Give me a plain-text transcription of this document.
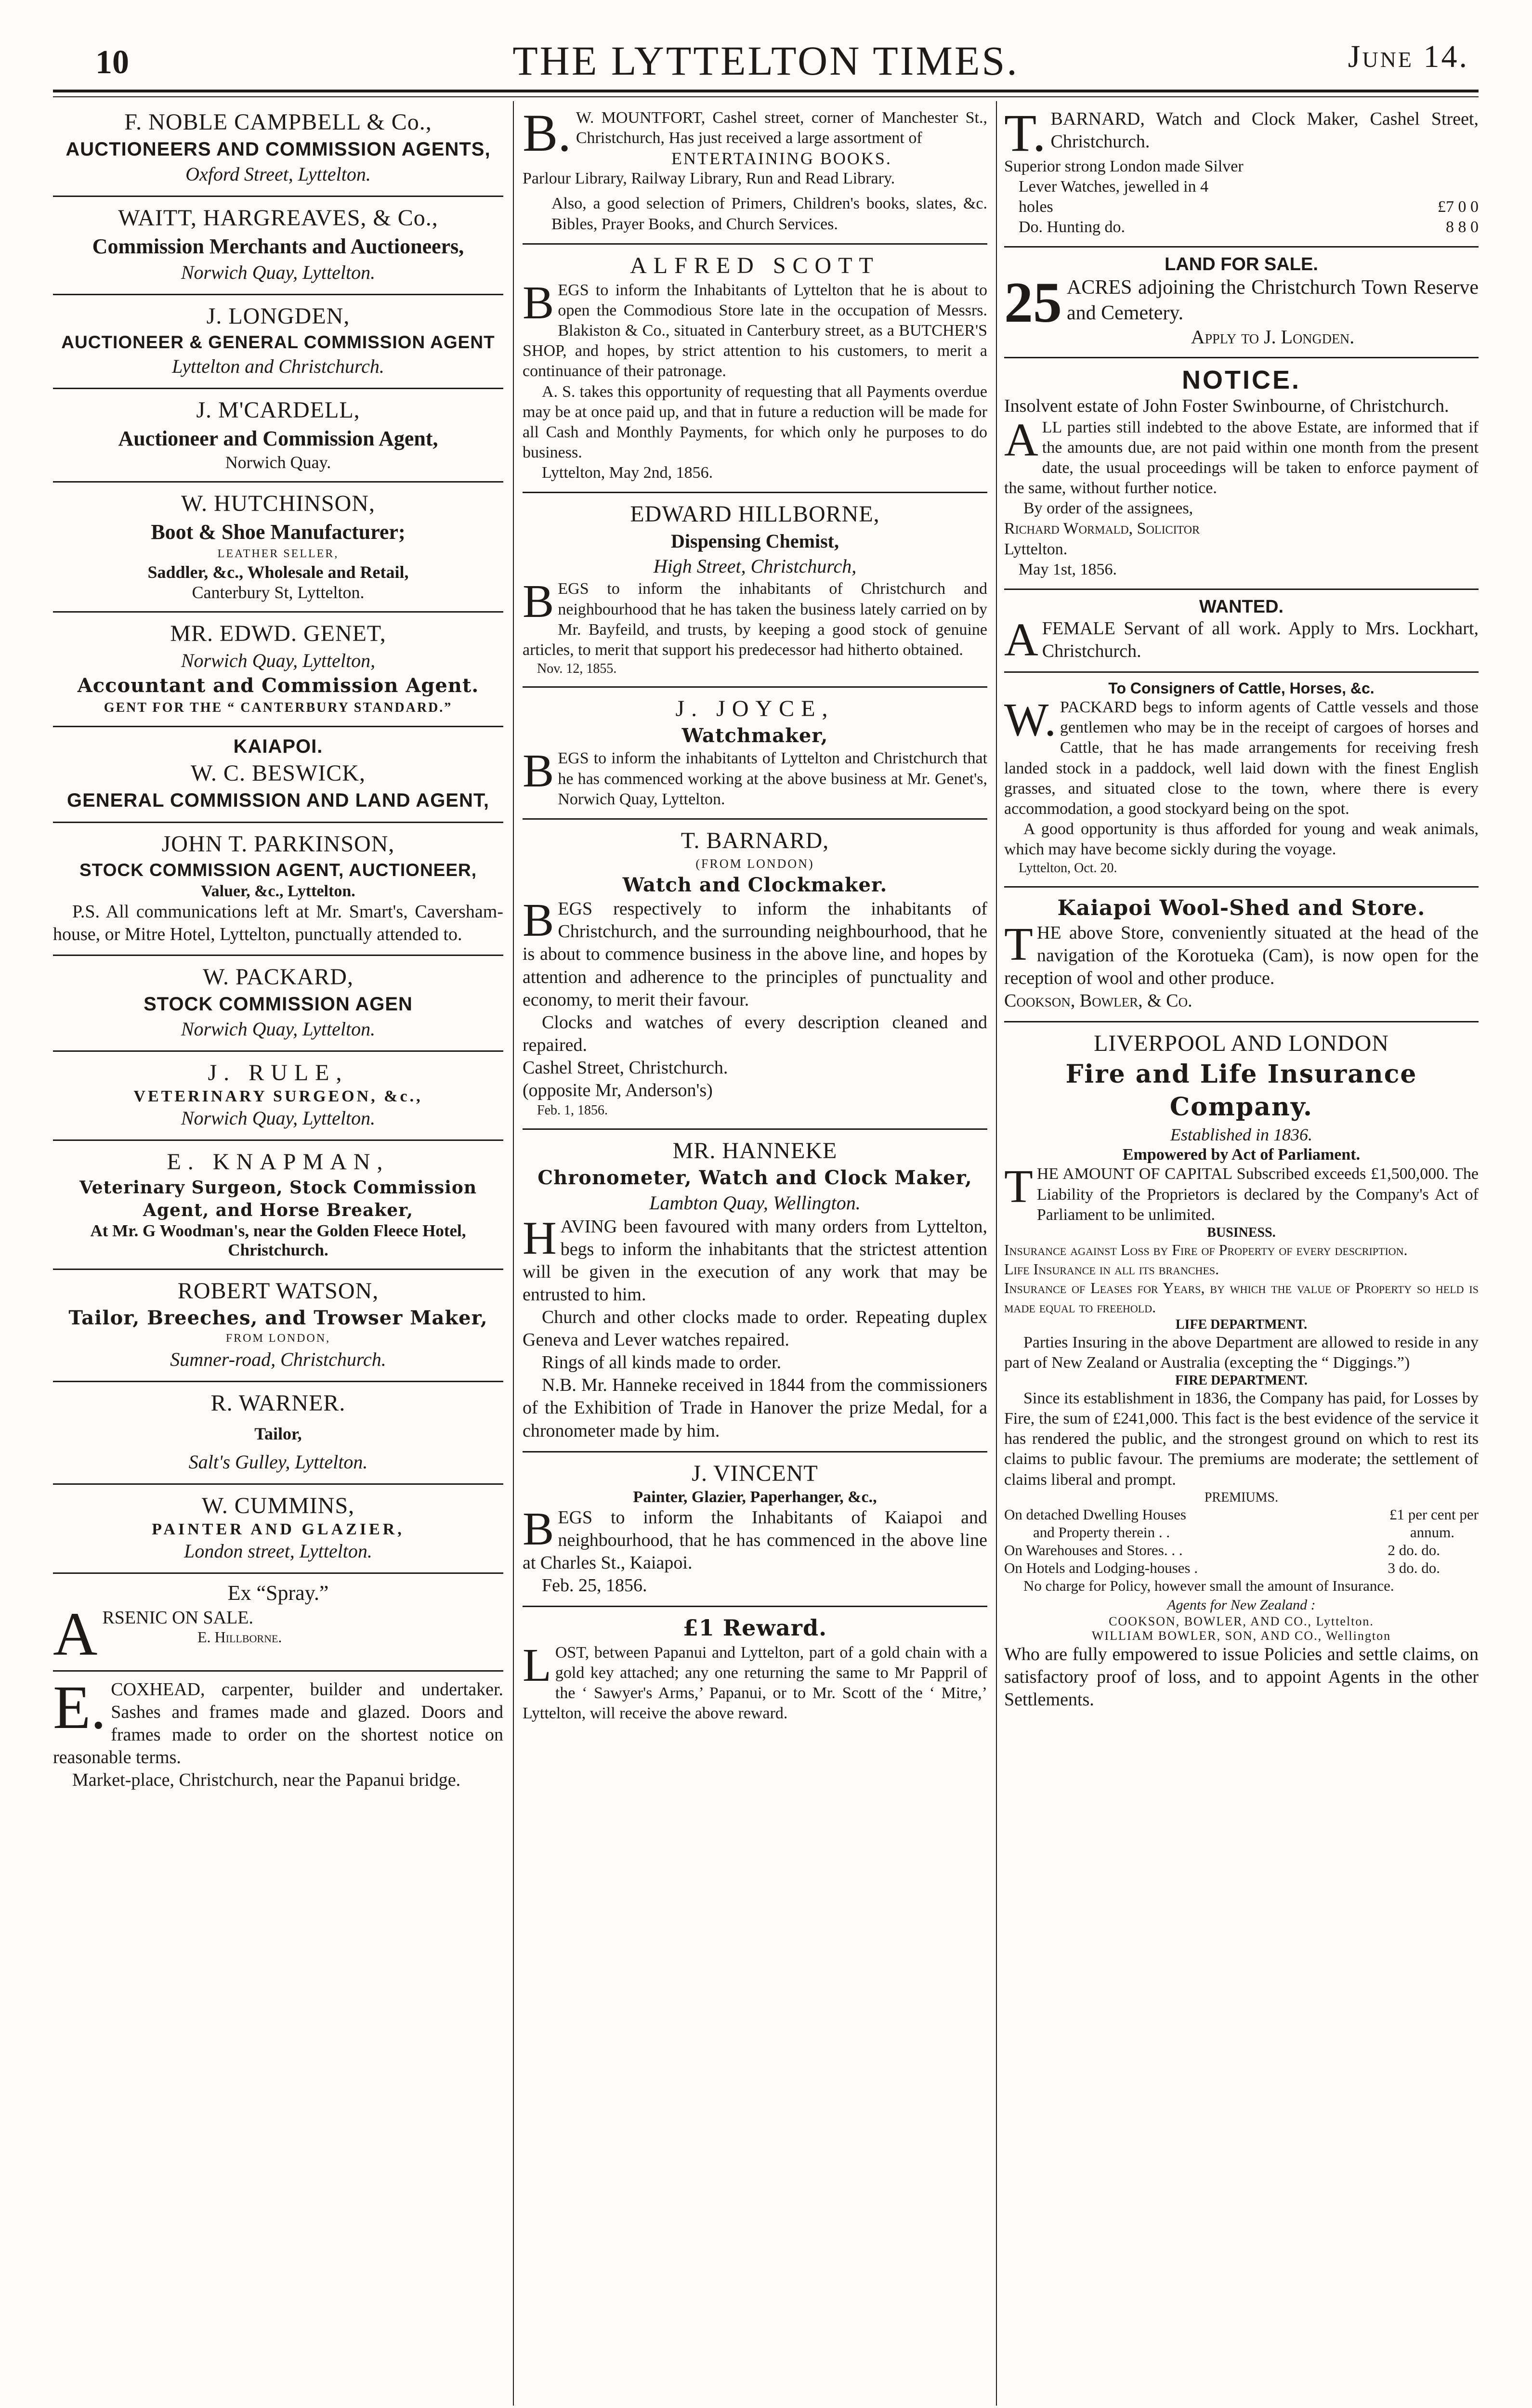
10	THE LYTTELTON TIMES.	June 14.
F. NOBLE CAMPBELL & Co.,
AUCTIONEERS AND COMMISSION AGENTS,
Oxford Street, Lyttelton.
WAITT, HARGREAVES, & Co.,
Commission Merchants and Auctioneers,
Norwich Quay, Lyttelton.
J. LONGDEN,
AUCTIONEER & GENERAL COMMISSION AGENT
Lyttelton and Christchurch.
J. M'CARDELL,
Auctioneer and Commission Agent,
Norwich Quay.
W. HUTCHINSON,
Boot & Shoe Manufacturer;
LEATHER SELLER,
Saddler, &c., Wholesale and Retail,
Canterbury St, Lyttelton.
MR. EDWD. GENET,
Norwich Quay, Lyttelton,
Accountant and Commission Agent.
GENT FOR THE “ CANTERBURY STANDARD.”
KAIAPOI.
W. C. BESWICK,
GENERAL COMMISSION AND LAND AGENT,
JOHN T. PARKINSON,
STOCK COMMISSION AGENT, AUCTIONEER,
Valuer, &c., Lyttelton.
P.S. All communications left at Mr. Smart's, Caversham-house, or Mitre Hotel, Lyttelton, punctually attended to.
W. PACKARD,
STOCK COMMISSION AGEN
Norwich Quay, Lyttelton.
J. RULE,
VETERINARY SURGEON, &c.,
Norwich Quay, Lyttelton.
E. KNAPMAN,
Veterinary Surgeon, Stock Commission Agent, and Horse Breaker,
At Mr. G Woodman's, near the Golden Fleece Hotel, Christchurch.
ROBERT WATSON,
Tailor, Breeches, and Trowser Maker,
FROM LONDON,
Sumner-road, Christchurch.
R. WARNER.
Tailor,
Salt's Gulley, Lyttelton.
W. CUMMINS,
PAINTER AND GLAZIER,
London street, Lyttelton.
Ex “Spray.”
A RSENIC ON SALE.
E. Hillborne.
E. COXHEAD, carpenter, builder and undertaker. Sashes and frames made and glazed. Doors and frames made to order on the shortest notice on reasonable terms.
Market-place, Christchurch, near the Papanui bridge.
B. W. MOUNTFORT, Cashel street, corner of Manchester St., Christchurch, Has just received a large assortment of
ENTERTAINING BOOKS.
Parlour Library, Railway Library, Run and Read Library.
Also, a good selection of Primers, Children's books, slates, &c. Bibles, Prayer Books, and Church Services.
ALFRED SCOTT
B EGS to inform the Inhabitants of Lyttelton that he is about to open the Commodious Store late in the occupation of Messrs. Blakiston & Co., situated in Canterbury street, as a BUTCHER'S SHOP, and hopes, by strict attention to his customers, to merit a continuance of their patronage.
A. S. takes this opportunity of requesting that all Payments overdue may be at once paid up, and that in future a reduction will be made for all Cash and Monthly Payments, for which only he purposes to do business.
Lyttelton, May 2nd, 1856.
EDWARD HILLBORNE,
Dispensing Chemist,
High Street, Christchurch,
B EGS to inform the inhabitants of Christchurch and neighbourhood that he has taken the business lately carried on by Mr. Bayfeild, and trusts, by keeping a good stock of genuine articles, to merit that support his predecessor had hitherto obtained.
Nov. 12, 1855.
J. JOYCE,
Watchmaker,
B EGS to inform the inhabitants of Lyttelton and Christchurch that he has commenced working at the above business at Mr. Genet's, Norwich Quay, Lyttelton.
T. BARNARD,
(FROM LONDON)
Watch and Clockmaker.
B EGS respectively to inform the inhabitants of Christchurch, and the surrounding neighbourhood, that he is about to commence business in the above line, and hopes by attention and adherence to the principles of punctuality and economy, to merit their favour.
Clocks and watches of every description cleaned and repaired.
Cashel Street, Christchurch.
(opposite Mr, Anderson's)
Feb. 1, 1856.
MR. HANNEKE
Chronometer, Watch and Clock Maker,
Lambton Quay, Wellington.
H AVING been favoured with many orders from Lyttelton, begs to inform the inhabitants that the strictest attention will be given in the execution of any work that may be entrusted to him.
Church and other clocks made to order. Repeating duplex Geneva and Lever watches repaired.
Rings of all kinds made to order.
N.B. Mr. Hanneke received in 1844 from the commissioners of the Exhibition of Trade in Hanover the prize Medal, for a chronometer made by him.
J. VINCENT
Painter, Glazier, Paperhanger, &c.,
B EGS to inform the Inhabitants of Kaiapoi and neighbourhood, that he has commenced in the above line at Charles St., Kaiapoi.
Feb. 25, 1856.
£1 Reward.
L OST, between Papanui and Lyttelton, part of a gold chain with a gold key attached; any one returning the same to Mr Pappril of the ‘ Sawyer's Arms,’ Papanui, or to Mr. Scott of the ‘ Mitre,’ Lyttelton, will receive the above reward.
T. BARNARD, Watch and Clock Maker, Cashel Street, Christchurch.
Superior strong London made Silver
Lever Watches, jewelled in 4
holes	£7 0 0
Do. Hunting do.	8 8 0
LAND FOR SALE.
25 ACRES adjoining the Christchurch Town Reserve and Cemetery.
Apply to J. Longden.
NOTICE.
Insolvent estate of John Foster Swinbourne, of Christchurch.
A LL parties still indebted to the above Estate, are informed that if the amounts due, are not paid within one month from the present date, the usual proceedings will be taken to enforce payment of the same, without further notice.
By order of the assignees,
Richard Wormald, Solicitor
Lyttelton.
May 1st, 1856.
WANTED.
A FEMALE Servant of all work. Apply to Mrs. Lockhart, Christchurch.
To Consigners of Cattle, Horses, &c.
W. PACKARD begs to inform agents of Cattle vessels and those gentlemen who may be in the receipt of cargoes of horses and Cattle, that he has made arrangements for receiving fresh landed stock in a paddock, well laid down with the finest English grasses, and situated close to the town, where there is every accommodation, a good stockyard being on the spot.
A good opportunity is thus afforded for young and weak animals, which may have become sickly during the voyage.
Lyttelton, Oct. 20.
Kaiapoi Wool-Shed and Store.
T HE above Store, conveniently situated at the head of the navigation of the Korotueka (Cam), is now open for the reception of wool and other produce.
Cookson, Bowler, & Co.
LIVERPOOL AND LONDON
Fire and Life Insurance Company.
Established in 1836.
Empowered by Act of Parliament.
T HE AMOUNT OF CAPITAL Subscribed exceeds £1,500,000. The Liability of the Proprietors is declared by the Company's Act of Parliament to be unlimited.
BUSINESS.
Insurance against Loss by Fire of Property of every description.
Life Insurance in all its branches.
Insurance of Leases for Years, by which the value of Property so held is made equal to freehold.
LIFE DEPARTMENT.
Parties Insuring in the above Department are allowed to reside in any part of New Zealand or Australia (excepting the “ Diggings.”)
FIRE DEPARTMENT.
Since its establishment in 1836, the Company has paid, for Losses by Fire, the sum of £241,000. This fact is the best evidence of the service it has rendered the public, and the strongest ground on which to rest its claims to public favour. The premiums are moderate; the settlement of claims liberal and prompt.
PREMIUMS.
On detached Dwelling Houses	£1 per cent per
and Property therein . .	annum.
On Warehouses and Stores. . .	2 do. do.
On Hotels and Lodging-houses .	3 do. do.
No charge for Policy, however small the amount of Insurance.
Agents for New Zealand :
COOKSON, BOWLER, AND CO., Lyttelton.
WILLIAM BOWLER, SON, AND CO., Wellington
Who are fully empowered to issue Policies and settle claims, on satisfactory proof of loss, and to appoint Agents in the other Settlements.
